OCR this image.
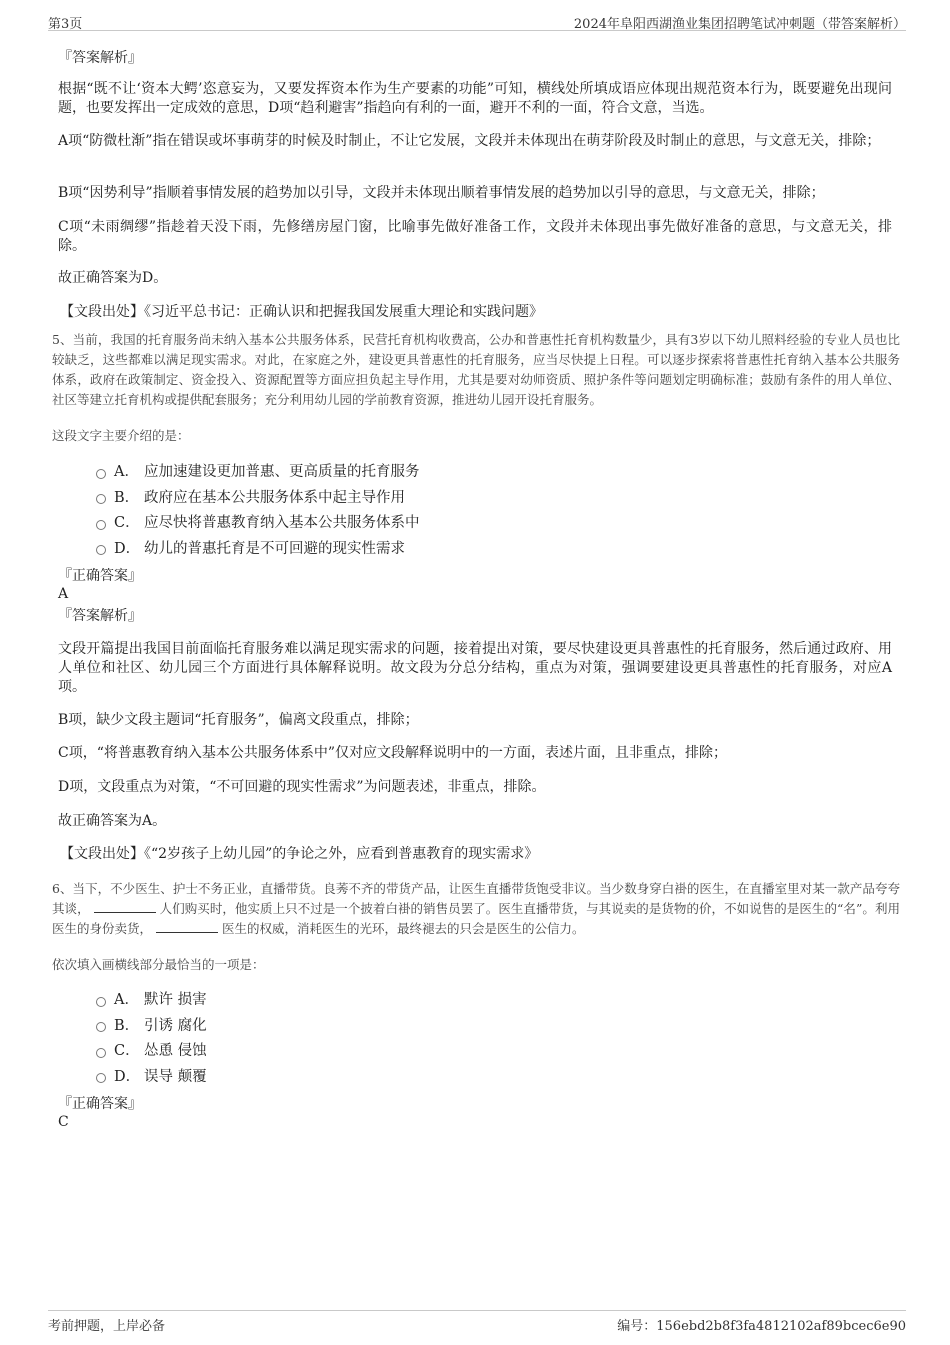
第3页	2024年阜阳西湖渔业集团招聘笔试冲刺题（带答案解析）
『答案解析』
根据“既不让‘资本大鳄’恣意妄为，又要发挥资本作为生产要素的功能”可知，横线处所填成语应体现出规范资本行为，既要避免出现问题，也要发挥出一定成效的意思，D项“趋利避害”指趋向有利的一面，避开不利的一面，符合文意，当选。
A项“防微杜渐”指在错误或坏事萌芽的时候及时制止，不让它发展，文段并未体现出在萌芽阶段及时制止的意思，与文意无关，排除；
B项“因势利导”指顺着事情发展的趋势加以引导，文段并未体现出顺着事情发展的趋势加以引导的意思，与文意无关，排除；
C项“未雨绸缪”指趁着天没下雨，先修缮房屋门窗，比喻事先做好准备工作，文段并未体现出事先做好准备的意思，与文意无关，排除。
故正确答案为D。
【文段出处】《习近平总书记：正确认识和把握我国发展重大理论和实践问题》
5、当前，我国的托育服务尚未纳入基本公共服务体系，民营托育机构收费高，公办和普惠性托育机构数量少，具有3岁以下幼儿照料经验的专业人员也比较缺乏，这些都难以满足现实需求。对此，在家庭之外，建设更具普惠性的托育服务，应当尽快提上日程。可以逐步探索将普惠性托育纳入基本公共服务体系，政府在政策制定、资金投入、资源配置等方面应担负起主导作用，尤其是要对幼师资质、照护条件等问题划定明确标准；鼓励有条件的用人单位、社区等建立托育机构或提供配套服务；充分利用幼儿园的学前教育资源，推进幼儿园开设托育服务。
这段文字主要介绍的是：
A． 应加速建设更加普惠、更高质量的托育服务
B． 政府应在基本公共服务体系中起主导作用
C． 应尽快将普惠教育纳入基本公共服务体系中
D． 幼儿的普惠托育是不可回避的现实性需求
『正确答案』
A
『答案解析』
文段开篇提出我国目前面临托育服务难以满足现实需求的问题，接着提出对策，要尽快建设更具普惠性的托育服务，然后通过政府、用人单位和社区、幼儿园三个方面进行具体解释说明。故文段为分总分结构，重点为对策，强调要建设更具普惠性的托育服务，对应A项。
B项，缺少文段主题词“托育服务”，偏离文段重点，排除；
C项，“将普惠教育纳入基本公共服务体系中”仅对应文段解释说明中的一方面，表述片面，且非重点，排除；
D项，文段重点为对策，“不可回避的现实性需求”为问题表述，非重点，排除。
故正确答案为A。
【文段出处】《“2岁孩子上幼儿园”的争论之外，应看到普惠教育的现实需求》
6、当下，不少医生、护士不务正业，直播带货。良莠不齐的带货产品，让医生直播带货饱受非议。当少数身穿白褂的医生，在直播室里对某一款产品夸夸其谈，	人们购买时，他实质上只不过是一个披着白褂的销售员罢了。医生直播带货，与其说卖的是货物的价，不如说售的是医生的“名”。利用医生的身份卖货，	医生的权威，消耗医生的光环，最终褪去的只会是医生的公信力。
依次填入画横线部分最恰当的一项是：
A． 默许 损害
B． 引诱 腐化
C． 怂恿 侵蚀
D． 误导 颠覆
『正确答案』
C
考前押题，上岸必备	编号：156ebd2b8f3fa4812102af89bcec6e90
